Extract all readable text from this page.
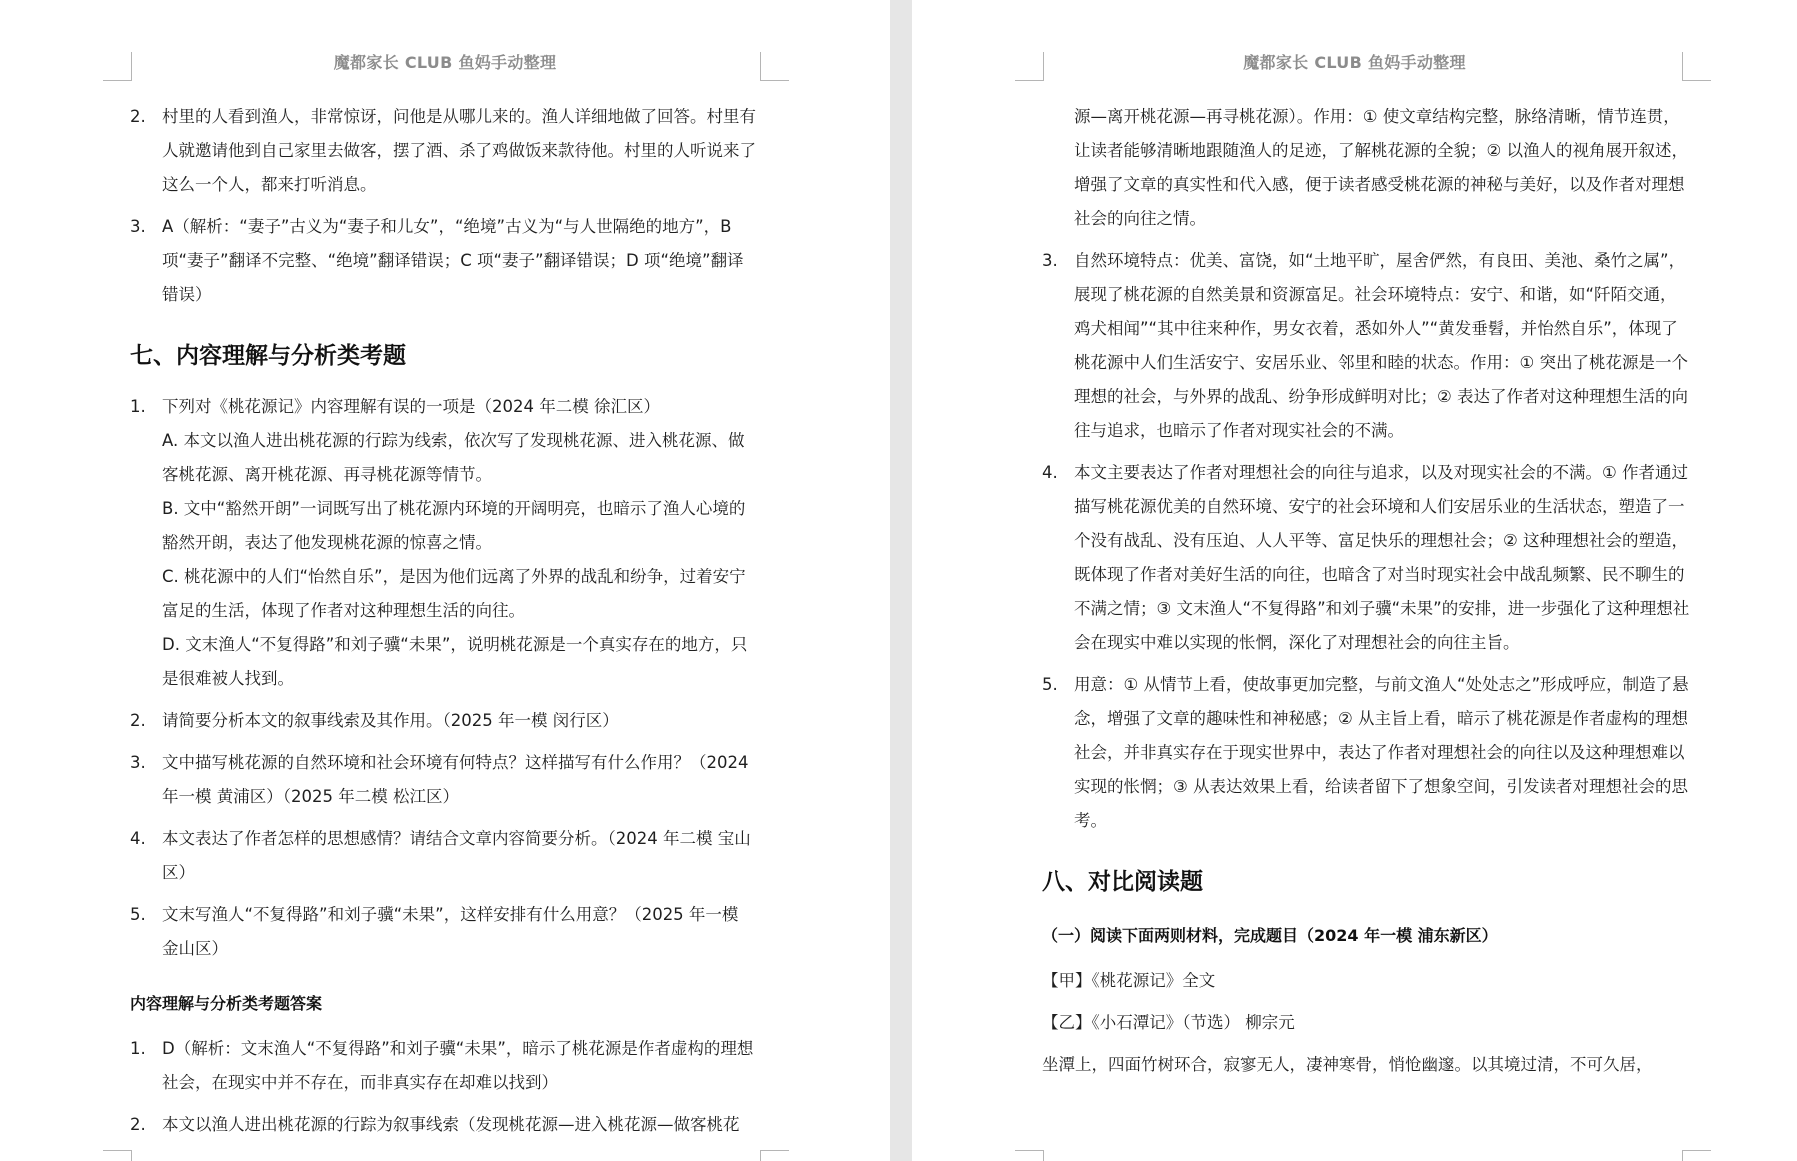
魔都家长 CLUB 鱼妈手动整理
2. 村里的人看到渔人，非常惊讶，问他是从哪儿来的。渔人详细地做了回答。村里有人就邀请他到自己家里去做客，摆了酒、杀了鸡做饭来款待他。村里的人听说来了这么一个人，都来打听消息。
3. A（解析：“妻子”古义为“妻子和儿女”，“绝境”古义为“与人世隔绝的地方”，B 项“妻子”翻译不完整、“绝境”翻译错误；C 项“妻子”翻译错误；D 项“绝境”翻译错误）
七、内容理解与分析类考题
1. 下列对《桃花源记》内容理解有误的一项是（2024 年二模 徐汇区）
A. 本文以渔人进出桃花源的行踪为线索，依次写了发现桃花源、进入桃花源、做客桃花源、离开桃花源、再寻桃花源等情节。
B. 文中“豁然开朗”一词既写出了桃花源内环境的开阔明亮，也暗示了渔人心境的豁然开朗，表达了他发现桃花源的惊喜之情。
C. 桃花源中的人们“怡然自乐”，是因为他们远离了外界的战乱和纷争，过着安宁富足的生活，体现了作者对这种理想生活的向往。
D. 文末渔人“不复得路”和刘子骥“未果”，说明桃花源是一个真实存在的地方，只是很难被人找到。
2. 请简要分析本文的叙事线索及其作用。（2025 年一模 闵行区）
3. 文中描写桃花源的自然环境和社会环境有何特点？这样描写有什么作用？（2024 年一模 黄浦区）（2025 年二模 松江区）
4. 本文表达了作者怎样的思想感情？请结合文章内容简要分析。（2024 年二模 宝山区）
5. 文末写渔人“不复得路”和刘子骥“未果”，这样安排有什么用意？（2025 年一模 金山区）
内容理解与分析类考题答案
1. D（解析：文末渔人“不复得路”和刘子骥“未果”，暗示了桃花源是作者虚构的理想社会，在现实中并不存在，而非真实存在却难以找到）
2. 本文以渔人进出桃花源的行踪为叙事线索（发现桃花源—进入桃花源—做客桃花
魔都家长 CLUB 鱼妈手动整理
源—离开桃花源—再寻桃花源）。作用：① 使文章结构完整，脉络清晰，情节连贯，让读者能够清晰地跟随渔人的足迹，了解桃花源的全貌；② 以渔人的视角展开叙述，增强了文章的真实性和代入感，便于读者感受桃花源的神秘与美好，以及作者对理想社会的向往之情。
3. 自然环境特点：优美、富饶，如“土地平旷，屋舍俨然，有良田、美池、桑竹之属”，展现了桃花源的自然美景和资源富足。社会环境特点：安宁、和谐，如“阡陌交通，鸡犬相闻”“其中往来种作，男女衣着，悉如外人”“黄发垂髫，并怡然自乐”，体现了桃花源中人们生活安宁、安居乐业、邻里和睦的状态。作用：① 突出了桃花源是一个理想的社会，与外界的战乱、纷争形成鲜明对比；② 表达了作者对这种理想生活的向往与追求，也暗示了作者对现实社会的不满。
4. 本文主要表达了作者对理想社会的向往与追求，以及对现实社会的不满。① 作者通过描写桃花源优美的自然环境、安宁的社会环境和人们安居乐业的生活状态，塑造了一个没有战乱、没有压迫、人人平等、富足快乐的理想社会；② 这种理想社会的塑造，既体现了作者对美好生活的向往，也暗含了对当时现实社会中战乱频繁、民不聊生的不满之情；③ 文末渔人“不复得路”和刘子骥“未果”的安排，进一步强化了这种理想社会在现实中难以实现的怅惘，深化了对理想社会的向往主旨。
5. 用意：① 从情节上看，使故事更加完整，与前文渔人“处处志之”形成呼应，制造了悬念，增强了文章的趣味性和神秘感；② 从主旨上看，暗示了桃花源是作者虚构的理想社会，并非真实存在于现实世界中，表达了作者对理想社会的向往以及这种理想难以实现的怅惘；③ 从表达效果上看，给读者留下了想象空间，引发读者对理想社会的思考。
八、对比阅读题
（一）阅读下面两则材料，完成题目（2024 年一模 浦东新区）
【甲】《桃花源记》全文
【乙】《小石潭记》（节选） 柳宗元
坐潭上，四面竹树环合，寂寥无人，凄神寒骨，悄怆幽邃。以其境过清，不可久居，
